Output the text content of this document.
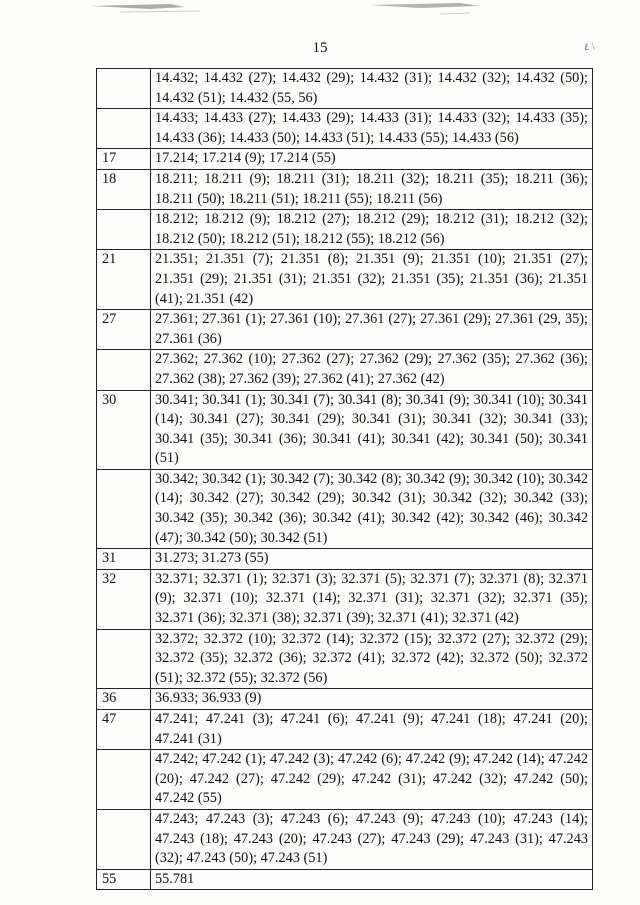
15	٤ \
	14.432; 14.432 (27); 14.432 (29); 14.432 (31); 14.432 (32); 14.432 (50); 14.432 (51); 14.432 (55, 56)
	14.433; 14.433 (27); 14.433 (29); 14.433 (31); 14.433 (32); 14.433 (35); 14.433 (36); 14.433 (50); 14.433 (51); 14.433 (55); 14.433 (56)
17	17.214; 17.214 (9); 17.214 (55)
18	18.211; 18.211 (9); 18.211 (31); 18.211 (32); 18.211 (35); 18.211 (36); 18.211 (50); 18.211 (51); 18.211 (55); 18.211 (56)
	18.212; 18.212 (9); 18.212 (27); 18.212 (29); 18.212 (31); 18.212 (32); 18.212 (50); 18.212 (51); 18.212 (55); 18.212 (56)
21	21.351; 21.351 (7); 21.351 (8); 21.351 (9); 21.351 (10); 21.351 (27); 21.351 (29); 21.351 (31); 21.351 (32); 21.351 (35); 21.351 (36); 21.351 (41); 21.351 (42)
27	27.361; 27.361 (1); 27.361 (10); 27.361 (27); 27.361 (29); 27.361 (29, 35); 27.361 (36)
	27.362; 27.362 (10); 27.362 (27); 27.362 (29); 27.362 (35); 27.362 (36); 27.362 (38); 27.362 (39); 27.362 (41); 27.362 (42)
30	30.341; 30.341 (1); 30.341 (7); 30.341 (8); 30.341 (9); 30.341 (10); 30.341 (14); 30.341 (27); 30.341 (29); 30.341 (31); 30.341 (32); 30.341 (33); 30.341 (35); 30.341 (36); 30.341 (41); 30.341 (42); 30.341 (50); 30.341 (51)
	30.342; 30.342 (1); 30.342 (7); 30.342 (8); 30.342 (9); 30.342 (10); 30.342 (14); 30.342 (27); 30.342 (29); 30.342 (31); 30.342 (32); 30.342 (33); 30.342 (35); 30.342 (36); 30.342 (41); 30.342 (42); 30.342 (46); 30.342 (47); 30.342 (50); 30.342 (51)
31	31.273; 31.273 (55)
32	32.371; 32.371 (1); 32.371 (3); 32.371 (5); 32.371 (7); 32.371 (8); 32.371 (9); 32.371 (10); 32.371 (14); 32.371 (31); 32.371 (32); 32.371 (35); 32.371 (36); 32.371 (38); 32.371 (39); 32.371 (41); 32.371 (42)
	32.372; 32.372 (10); 32.372 (14); 32.372 (15); 32.372 (27); 32.372 (29); 32.372 (35); 32.372 (36); 32.372 (41); 32.372 (42); 32.372 (50); 32.372 (51); 32.372 (55); 32.372 (56)
36	36.933; 36.933 (9)
47	47.241; 47.241 (3); 47.241 (6); 47.241 (9); 47.241 (18); 47.241 (20); 47.241 (31)
	47.242; 47.242 (1); 47.242 (3); 47.242 (6); 47.242 (9); 47.242 (14); 47.242 (20); 47.242 (27); 47.242 (29); 47.242 (31); 47.242 (32); 47.242 (50); 47.242 (55)
	47.243; 47.243 (3); 47.243 (6); 47.243 (9); 47.243 (10); 47.243 (14); 47.243 (18); 47.243 (20); 47.243 (27); 47.243 (29); 47.243 (31); 47.243 (32); 47.243 (50); 47.243 (51)
55	55.781
